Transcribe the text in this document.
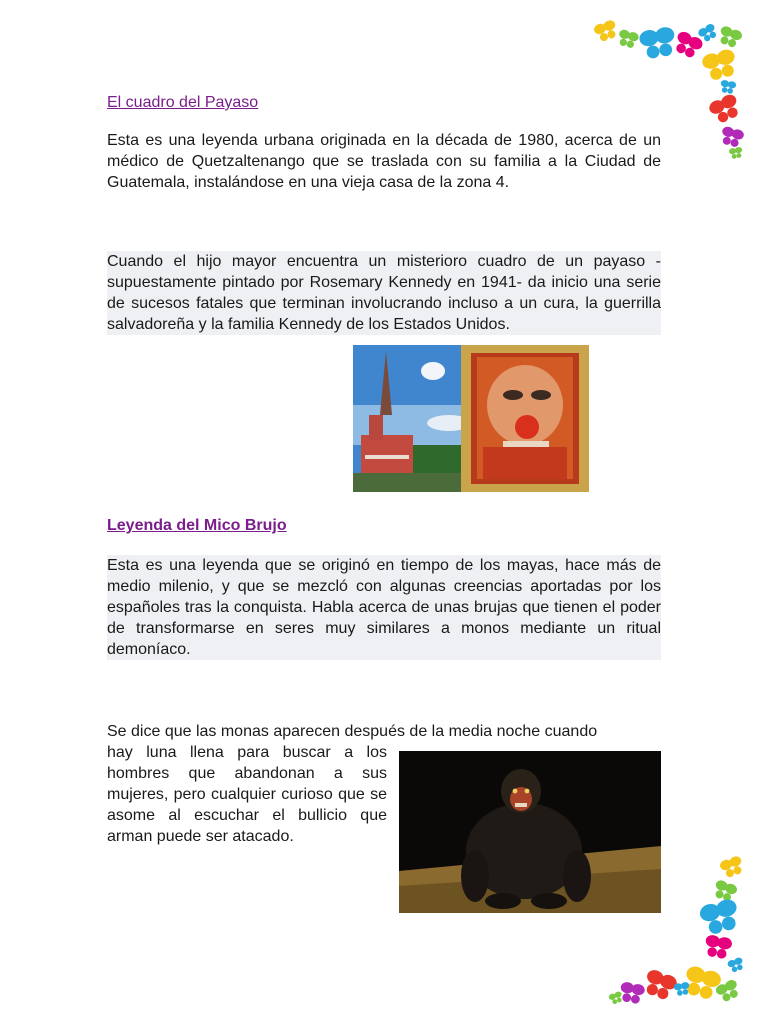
El cuadro del Payaso

Esta es una leyenda urbana originada en la década de 1980, acerca de un médico de Quetzaltenango que se traslada con su familia a la Ciudad de Guatemala, instalándose en una vieja casa de la zona 4.

Cuando el hijo mayor encuentra un misterioro cuadro de un payaso - supuestamente pintado por Rosemary Kennedy en 1941- da inicio una serie de sucesos fatales que terminan involucrando incluso a un cura, la guerrilla salvadoreña y la familia Kennedy de los Estados Unidos.

Leyenda del Mico Brujo

Esta es una leyenda que se originó en tiempo de los mayas, hace más de medio milenio, y que se mezcló con algunas creencias aportadas por los españoles tras la conquista. Habla acerca de unas brujas que tienen el poder de transformarse en seres muy similares a monos mediante un ritual demoníaco.

Se dice que las monas aparecen después de la media noche cuando

hay luna llena para buscar a los hombres que abandonan a sus mujeres, pero cualquier curioso que se asome al escuchar el bullicio que arman puede ser atacado.
